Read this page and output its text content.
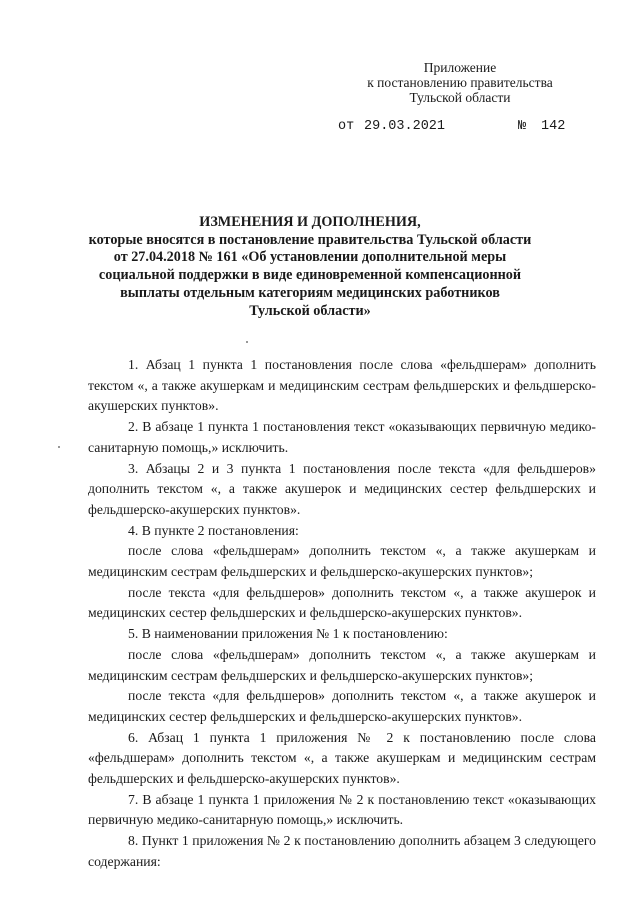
Приложение
к постановлению правительства
Тульской области
от 29.03.2021	№ 142
ИЗМЕНЕНИЯ И ДОПОЛНЕНИЯ,
которые вносятся в постановление правительства Тульской области
от 27.04.2018 № 161 «Об установлении дополнительной меры
социальной поддержки в виде единовременной компенсационной
выплаты отдельным категориям медицинских работников
Тульской области»

1. Абзац 1 пункта 1 постановления после слова «фельдшерам» дополнить текстом «, а также акушеркам и медицинским сестрам фельдшерских и фельдшерско-акушерских пунктов».

2. В абзаце 1 пункта 1 постановления текст «оказывающих первичную медико-санитарную помощь,» исключить.

3. Абзацы 2 и 3 пункта 1 постановления после текста «для фельдшеров» дополнить текстом «, а также акушерок и медицинских сестер фельдшерских и фельдшерско-акушерских пунктов».

4. В пункте 2 постановления:

после слова «фельдшерам» дополнить текстом «, а также акушеркам и медицинским сестрам фельдшерских и фельдшерско-акушерских пунктов»;

после текста «для фельдшеров» дополнить текстом «, а также акушерок и медицинских сестер фельдшерских и фельдшерско-акушерских пунктов».

5. В наименовании приложения № 1 к постановлению:

после слова «фельдшерам» дополнить текстом «, а также акушеркам и медицинским сестрам фельдшерских и фельдшерско-акушерских пунктов»;

после текста «для фельдшеров» дополнить текстом «, а также акушерок и медицинских сестер фельдшерских и фельдшерско-акушерских пунктов».

6. Абзац 1 пункта 1 приложения № 2 к постановлению после слова «фельдшерам» дополнить текстом «, а также акушеркам и медицинским сестрам фельдшерских и фельдшерско-акушерских пунктов».

7. В абзаце 1 пункта 1 приложения № 2 к постановлению текст «оказывающих первичную медико-санитарную помощь,» исключить.

8. Пункт 1 приложения № 2 к постановлению дополнить абзацем 3 следующего содержания:
